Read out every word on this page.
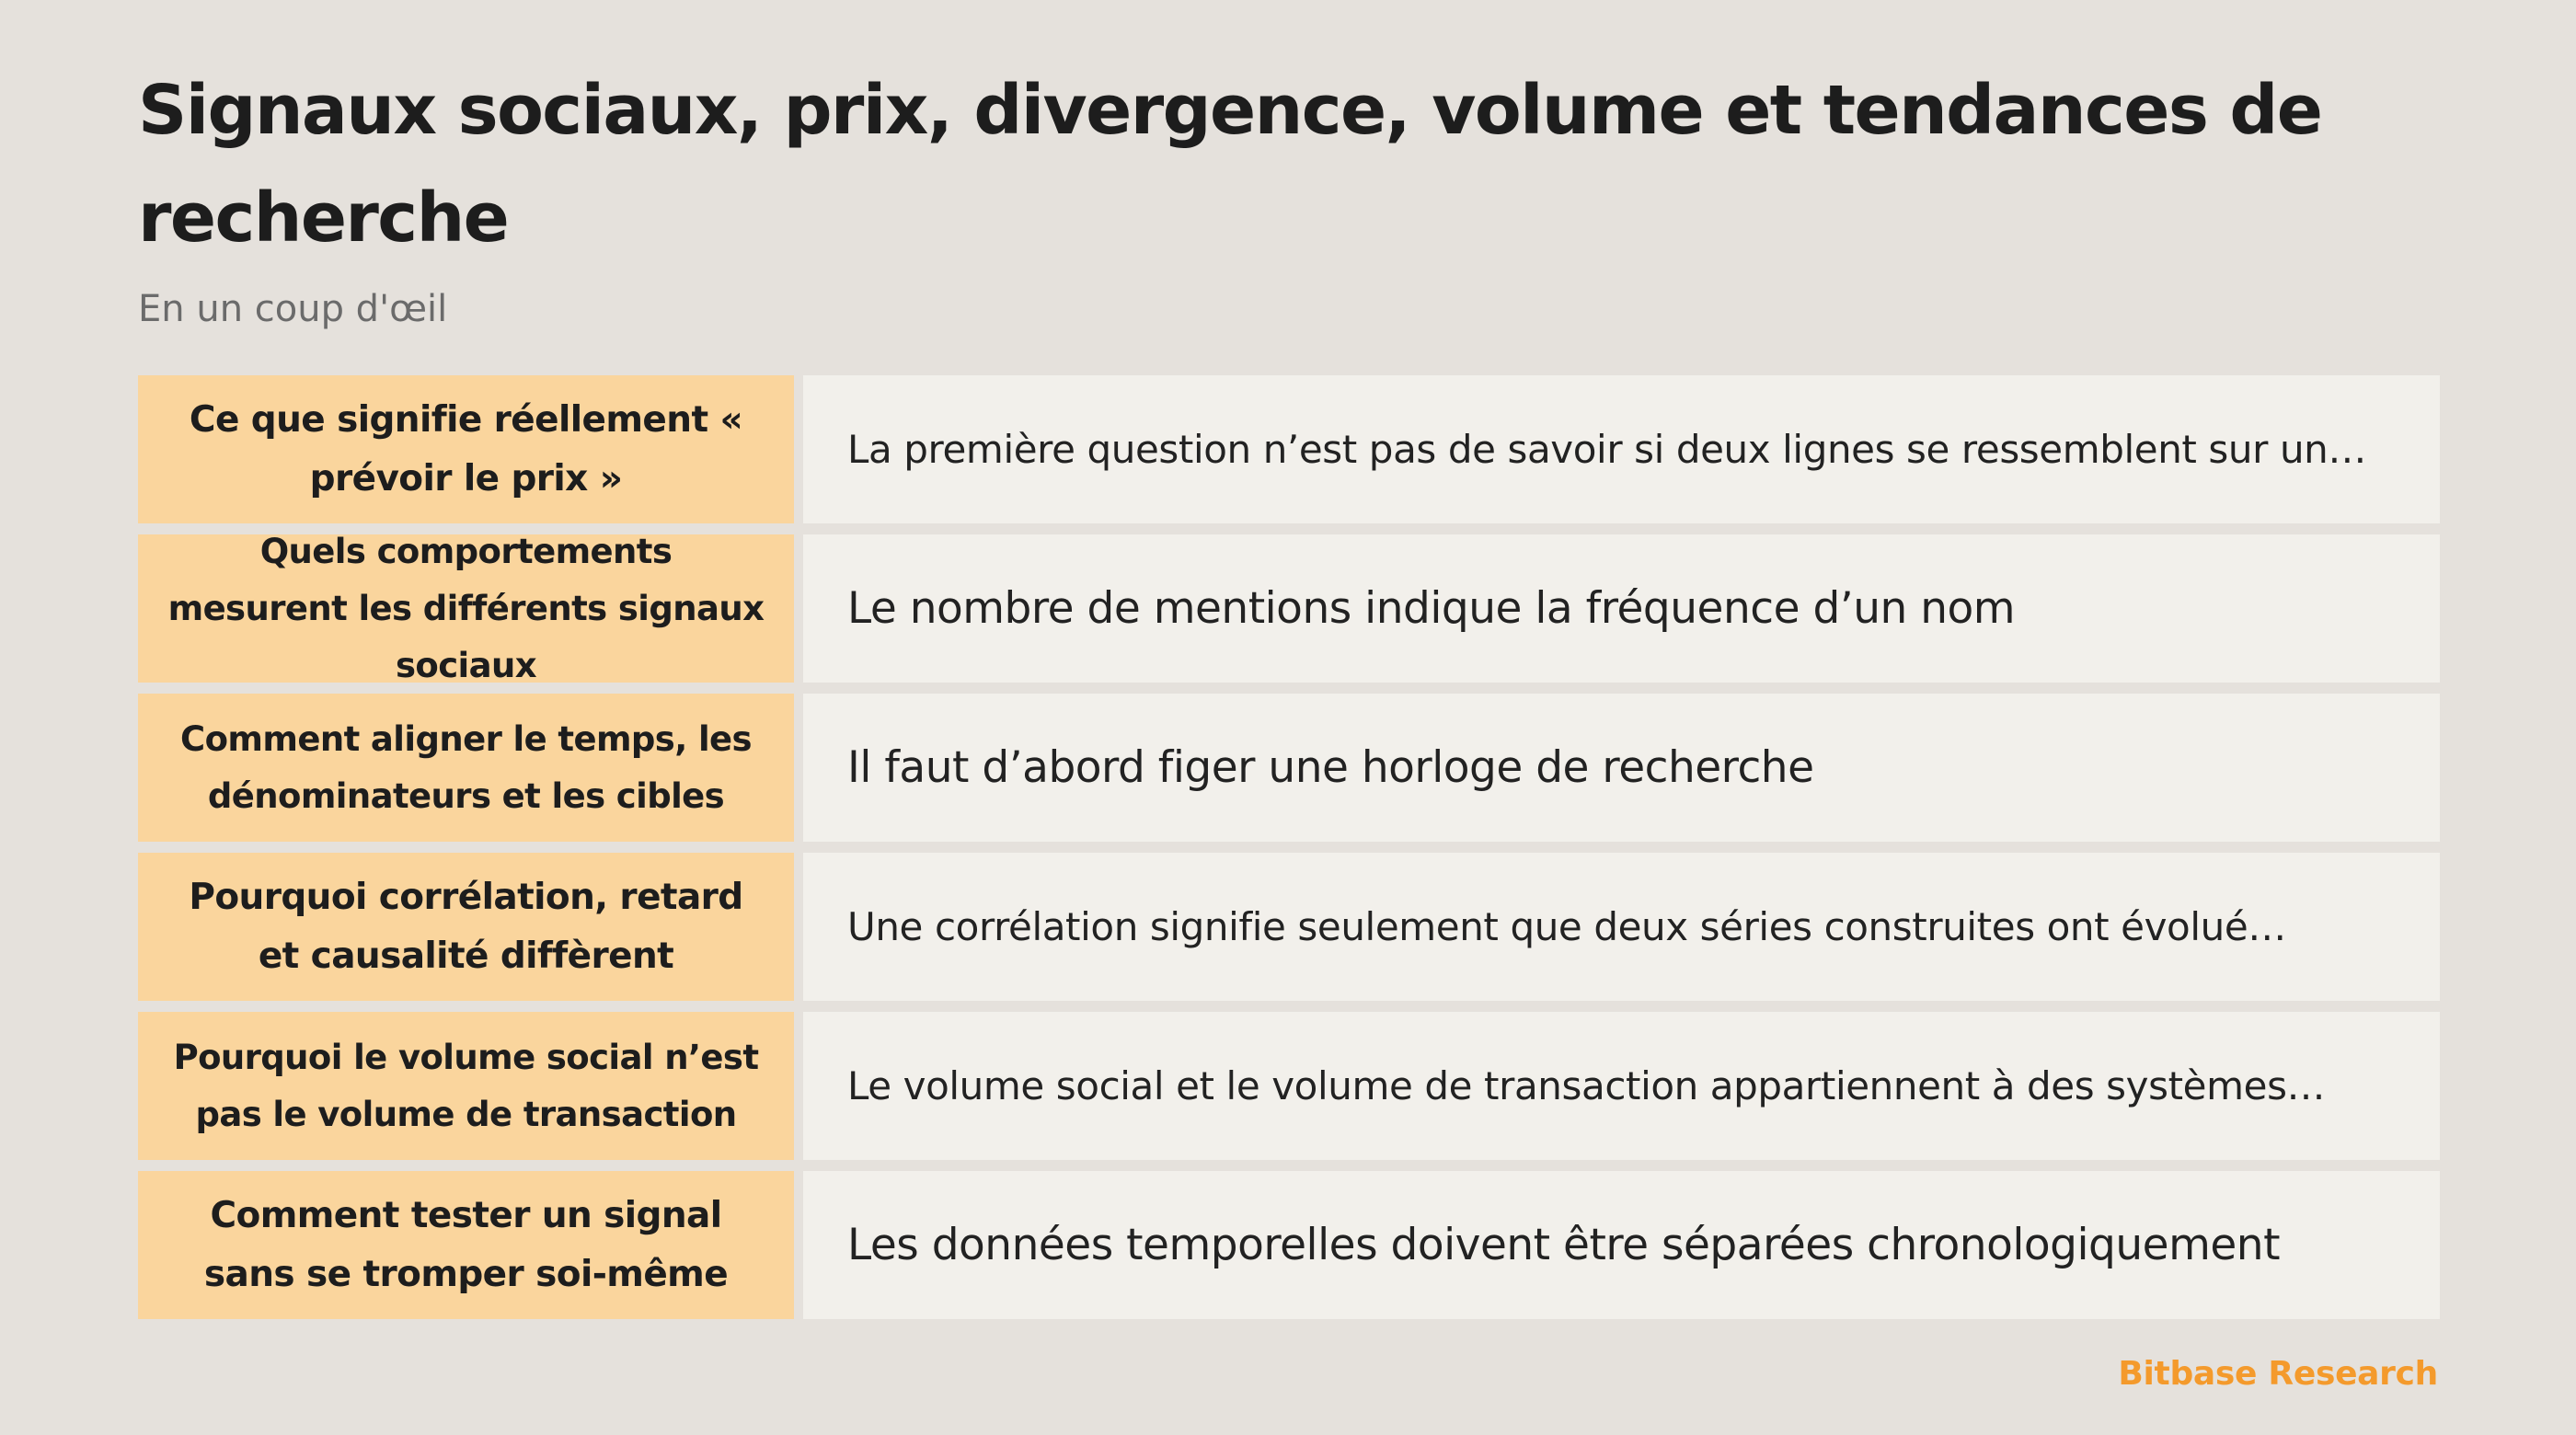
Signaux sociaux, prix, divergence, volume et tendances de recherche

En un coup d'œil

Ce que signifie réellement « prévoir le prix »
La première question n’est pas de savoir si deux lignes se ressemblent sur un…
Quels comportements mesurent les différents signaux sociaux
Le nombre de mentions indique la fréquence d’un nom
Comment aligner le temps, les dénominateurs et les cibles
Il faut d’abord figer une horloge de recherche
Pourquoi corrélation, retard et causalité diffèrent
Une corrélation signifie seulement que deux séries construites ont évolué…
Pourquoi le volume social n’est pas le volume de transaction
Le volume social et le volume de transaction appartiennent à des systèmes…
Comment tester un signal sans se tromper soi-même
Les données temporelles doivent être séparées chronologiquement

Bitbase Research
